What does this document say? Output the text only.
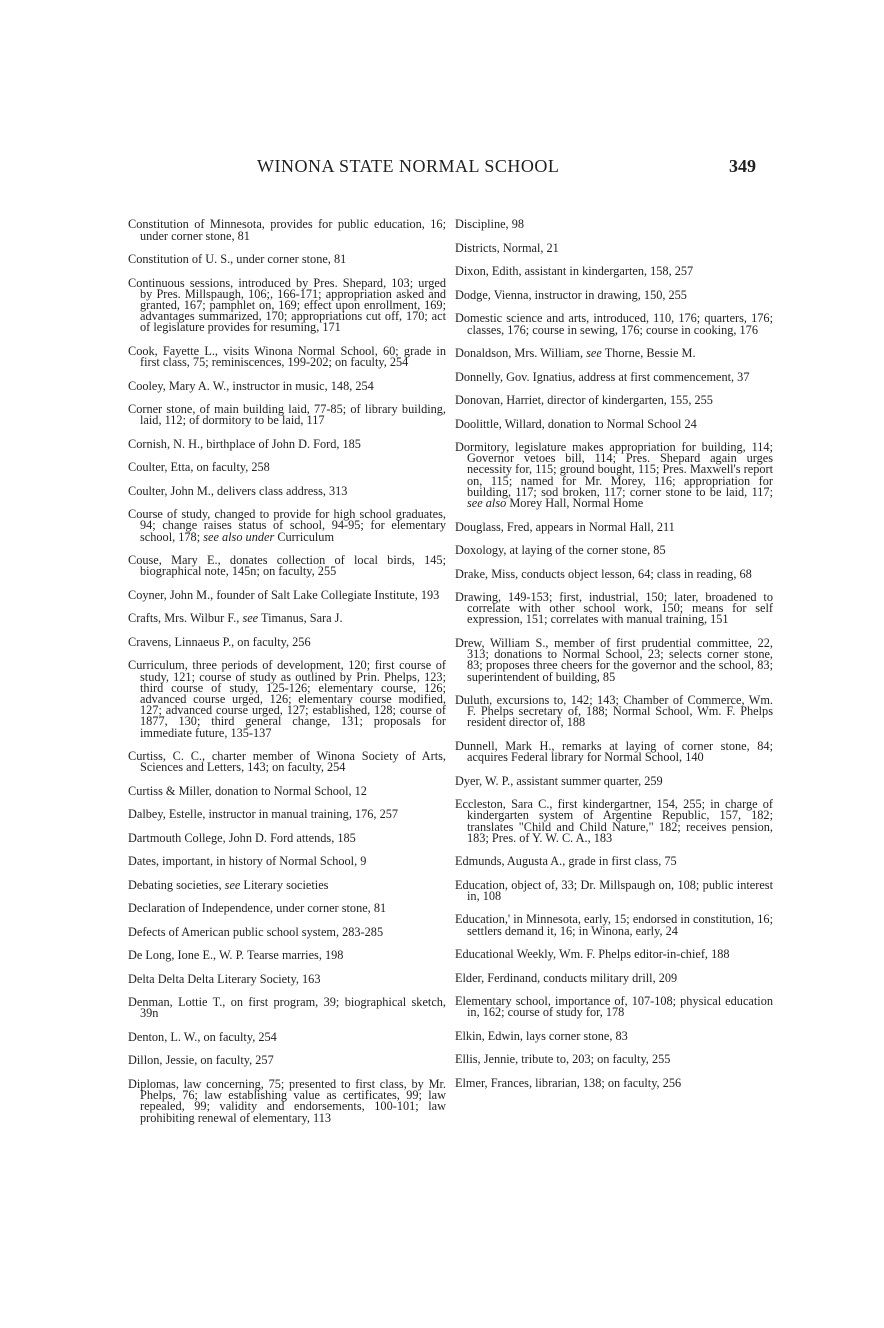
WINONA STATE NORMAL SCHOOL	349

Constitution of Minnesota, provides for public education, 16; under corner stone, 81

Constitution of U. S., under corner stone, 81

Continuous sessions, introduced by Pres. Shepard, 103; urged by Pres. Millspaugh, 106;, 166-171; appropriation asked and granted, 167; pamphlet on, 169; effect upon enrollment, 169; advantages summarized, 170; appropriations cut off, 170; act of legislature provides for resuming, 171

Cook, Fayette L., visits Winona Normal School, 60; grade in first class, 75; reminiscences, 199-202; on faculty, 254

Cooley, Mary A. W., instructor in music, 148, 254

Corner stone, of main building laid, 77-85; of library building, laid, 112; of dormitory to be laid, 117

Cornish, N. H., birthplace of John D. Ford, 185

Coulter, Etta, on faculty, 258

Coulter, John M., delivers class address, 313

Course of study, changed to provide for high school graduates, 94; change raises status of school, 94-95; for elementary school, 178; see also under Curriculum

Couse, Mary E., donates collection of local birds, 145; biographical note, 145n; on faculty, 255

Coyner, John M., founder of Salt Lake Collegiate Institute, 193

Crafts, Mrs. Wilbur F., see Timanus, Sara J.

Cravens, Linnaeus P., on faculty, 256

Curriculum, three periods of development, 120; first course of study, 121; course of study as outlined by Prin. Phelps, 123; third course of study, 125-126; elementary course, 126; advanced course urged, 126; elementary course modified, 127; advanced course urged, 127; established, 128; course of 1877, 130; third general change, 131; proposals for immediate future, 135-137

Curtiss, C. C., charter member of Winona Society of Arts, Sciences and Letters, 143; on faculty, 254

Curtiss & Miller, donation to Normal School, 12

Dalbey, Estelle, instructor in manual training, 176, 257

Dartmouth College, John D. Ford attends, 185

Dates, important, in history of Normal School, 9

Debating societies, see Literary societies

Declaration of Independence, under corner stone, 81

Defects of American public school system, 283-285

De Long, Ione E., W. P. Tearse marries, 198

Delta Delta Delta Literary Society, 163

Denman, Lottie T., on first program, 39; biographical sketch, 39n

Denton, L. W., on faculty, 254

Dillon, Jessie, on faculty, 257

Diplomas, law concerning, 75; presented to first class, by Mr. Phelps, 76; law establishing value as certificates, 99; law repealed, 99; validity and endorsements, 100-101; law prohibiting renewal of elementary, 113

Discipline, 98

Districts, Normal, 21

Dixon, Edith, assistant in kindergarten, 158, 257

Dodge, Vienna, instructor in drawing, 150, 255

Domestic science and arts, introduced, 110, 176; quarters, 176; classes, 176; course in sewing, 176; course in cooking, 176

Donaldson, Mrs. William, see Thorne, Bessie M.

Donnelly, Gov. Ignatius, address at first commencement, 37

Donovan, Harriet, director of kindergarten, 155, 255

Doolittle, Willard, donation to Normal School 24

Dormitory, legislature makes appropriation for building, 114; Governor vetoes bill, 114; Pres. Shepard again urges necessity for, 115; ground bought, 115; Pres. Maxwell's report on, 115; named for Mr. Morey, 116; appropriation for building, 117; sod broken, 117; corner stone to be laid, 117; see also Morey Hall, Normal Home

Douglass, Fred, appears in Normal Hall, 211

Doxology, at laying of the corner stone, 85

Drake, Miss, conducts object lesson, 64; class in reading, 68

Drawing, 149-153; first, industrial, 150; later, broadened to correlate with other school work, 150; means for self expression, 151; correlates with manual training, 151

Drew, William S., member of first prudential committee, 22, 313; donations to Normal School, 23; selects corner stone, 83; proposes three cheers for the governor and the school, 83; superintendent of building, 85

Duluth, excursions to, 142; 143; Chamber of Commerce, Wm. F. Phelps secretary of, 188; Normal School, Wm. F. Phelps resident director of, 188

Dunnell, Mark H., remarks at laying of corner stone, 84; acquires Federal library for Normal School, 140

Dyer, W. P., assistant summer quarter, 259

Eccleston, Sara C., first kindergartner, 154, 255; in charge of kindergarten system of Argentine Republic, 157, 182; translates "Child and Child Nature," 182; receives pension, 183; Pres. of Y. W. C. A., 183

Edmunds, Augusta A., grade in first class, 75

Education, object of, 33; Dr. Millspaugh on, 108; public interest in, 108

Education,' in Minnesota, early, 15; endorsed in constitution, 16; settlers demand it, 16; in Winona, early, 24

Educational Weekly, Wm. F. Phelps editor-in-chief, 188

Elder, Ferdinand, conducts military drill, 209

Elementary school, importance of, 107-108; physical education in, 162; course of study for, 178

Elkin, Edwin, lays corner stone, 83

Ellis, Jennie, tribute to, 203; on faculty, 255

Elmer, Frances, librarian, 138; on faculty, 256
